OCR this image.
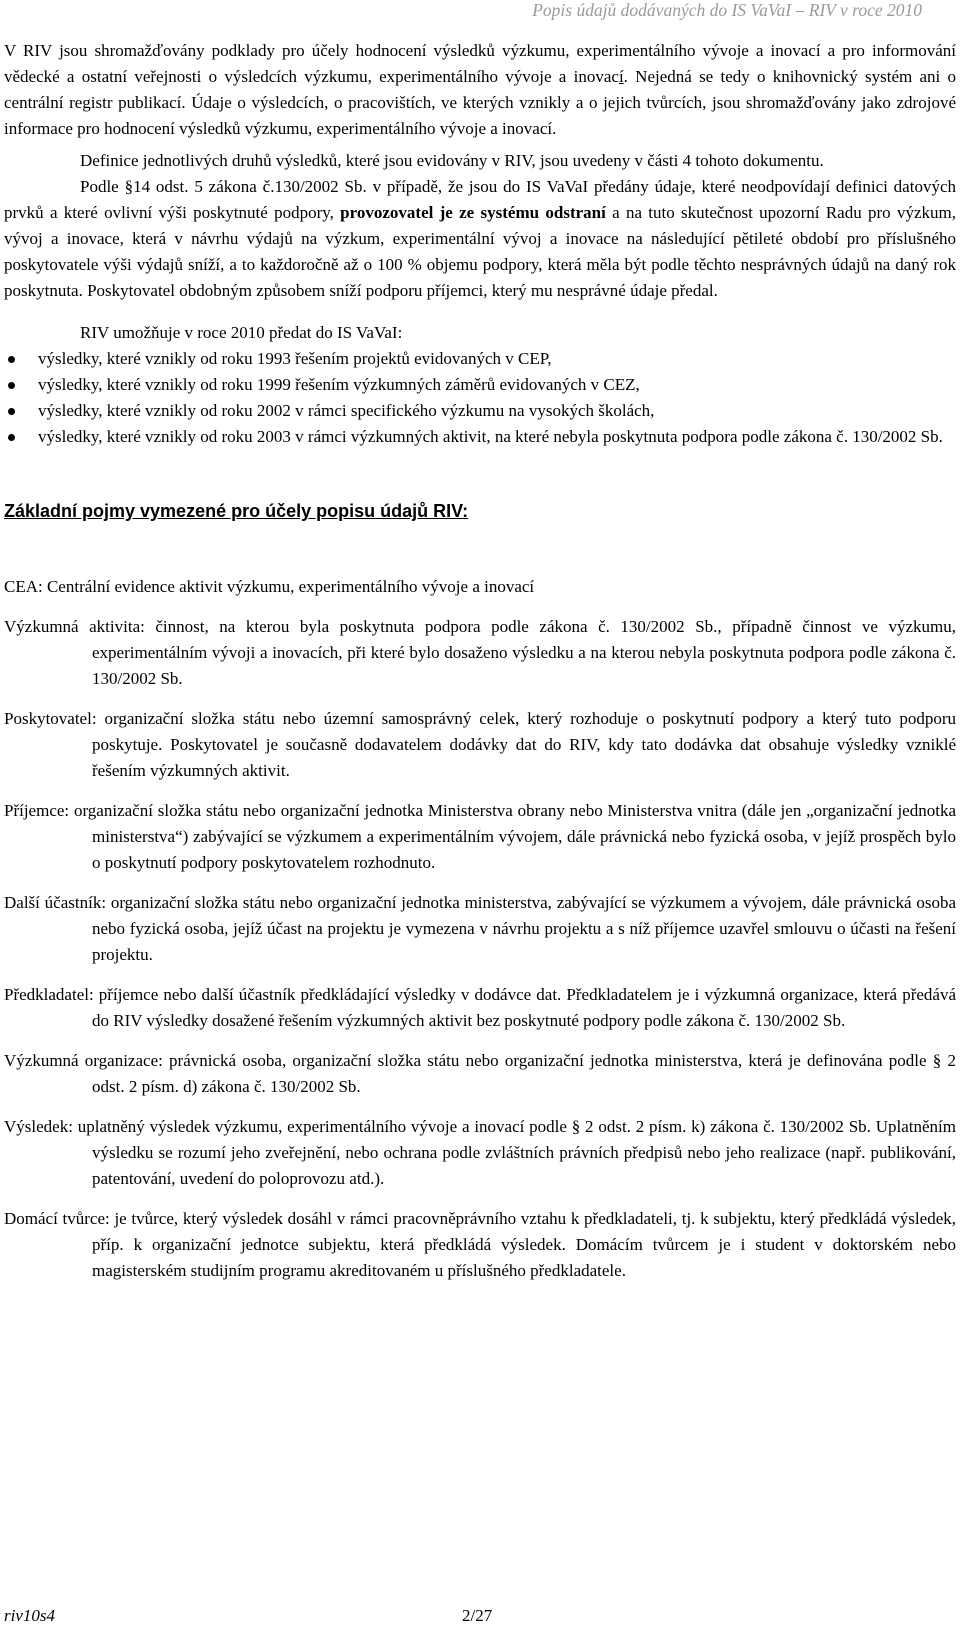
Popis údajů dodávaných do IS VaVaI – RIV v roce 2010

V RIV jsou shromažďovány podklady pro účely hodnocení výsledků výzkumu, experimentálního vývoje a inovací a pro informování vědecké a ostatní veřejnosti o výsledcích výzkumu, experimentálního vývoje a inovací. Nejedná se tedy o knihovnický systém ani o centrální registr publikací. Údaje o výsledcích, o pracovištích, ve kterých vznikly a o jejich tvůrcích, jsou shromažďovány jako zdrojové informace pro hodnocení výsledků výzkumu, experimentálního vývoje a inovací.

Definice jednotlivých druhů výsledků, které jsou evidovány v RIV, jsou uvedeny v části 4 tohoto dokumentu.

Podle §14 odst. 5 zákona č.130/2002 Sb. v případě, že jsou do IS VaVaI předány údaje, které neodpovídají definici datových prvků a které ovlivní výši poskytnuté podpory, provozovatel je ze systému odstraní a na tuto skutečnost upozorní Radu pro výzkum, vývoj a inovace, která v návrhu výdajů na výzkum, experimentální vývoj a inovace na následující pětileté období pro příslušného poskytovatele výši výdajů sníží, a to každoročně až o 100 % objemu podpory, která měla být podle těchto nesprávných údajů na daný rok poskytnuta. Poskytovatel obdobným způsobem sníží podporu příjemci, který mu nesprávné údaje předal.

RIV umožňuje v roce 2010 předat do IS VaVaI:

výsledky, které vznikly od roku 1993 řešením projektů evidovaných v CEP,
výsledky, které vznikly od roku 1999 řešením výzkumných záměrů evidovaných v CEZ,
výsledky, které vznikly od roku 2002 v rámci specifického výzkumu na vysokých školách,
výsledky, které vznikly od roku 2003 v rámci výzkumných aktivit, na které nebyla poskytnuta podpora podle zákona č. 130/2002 Sb.
Základní pojmy vymezené pro účely popisu údajů RIV:

CEA: Centrální evidence aktivit výzkumu, experimentálního vývoje a inovací

Výzkumná aktivita: činnost, na kterou byla poskytnuta podpora podle zákona č. 130/2002 Sb., případně činnost ve výzkumu, experimentálním vývoji a inovacích, při které bylo dosaženo výsledku a na kterou nebyla poskytnuta podpora podle zákona č. 130/2002 Sb.

Poskytovatel: organizační složka státu nebo územní samosprávný celek, který rozhoduje o poskytnutí podpory a který tuto podporu poskytuje. Poskytovatel je současně dodavatelem dodávky dat do RIV, kdy tato dodávka dat obsahuje výsledky vzniklé řešením výzkumných aktivit.

Příjemce: organizační složka státu nebo organizační jednotka Ministerstva obrany nebo Ministerstva vnitra (dále jen „organizační jednotka ministerstva“) zabývající se výzkumem a experimentálním vývojem, dále právnická nebo fyzická osoba, v jejíž prospěch bylo o poskytnutí podpory poskytovatelem rozhodnuto.

Další účastník: organizační složka státu nebo organizační jednotka ministerstva, zabývající se výzkumem a vývojem, dále právnická osoba nebo fyzická osoba, jejíž účast na projektu je vymezena v návrhu projektu a s níž příjemce uzavřel smlouvu o účasti na řešení projektu.

Předkladatel: příjemce nebo další účastník předkládající výsledky v dodávce dat. Předkladatelem je i výzkumná organizace, která předává do RIV výsledky dosažené řešením výzkumných aktivit bez poskytnuté podpory podle zákona č. 130/2002 Sb.

Výzkumná organizace: právnická osoba, organizační složka státu nebo organizační jednotka ministerstva, která je definována podle § 2 odst. 2 písm. d) zákona č. 130/2002 Sb.

Výsledek: uplatněný výsledek výzkumu, experimentálního vývoje a inovací podle § 2 odst. 2 písm. k) zákona č. 130/2002 Sb. Uplatněním výsledku se rozumí jeho zveřejnění, nebo ochrana podle zvláštních právních předpisů nebo jeho realizace (např. publikování, patentování, uvedení do poloprovozu atd.).

Domácí tvůrce: je tvůrce, který výsledek dosáhl v rámci pracovněprávního vztahu k předkladateli, tj. k subjektu, který předkládá výsledek, příp. k organizační jednotce subjektu, která předkládá výsledek. Domácím tvůrcem je i student v doktorském nebo magisterském studijním programu akreditovaném u příslušného předkladatele.

riv10s4	2/27
